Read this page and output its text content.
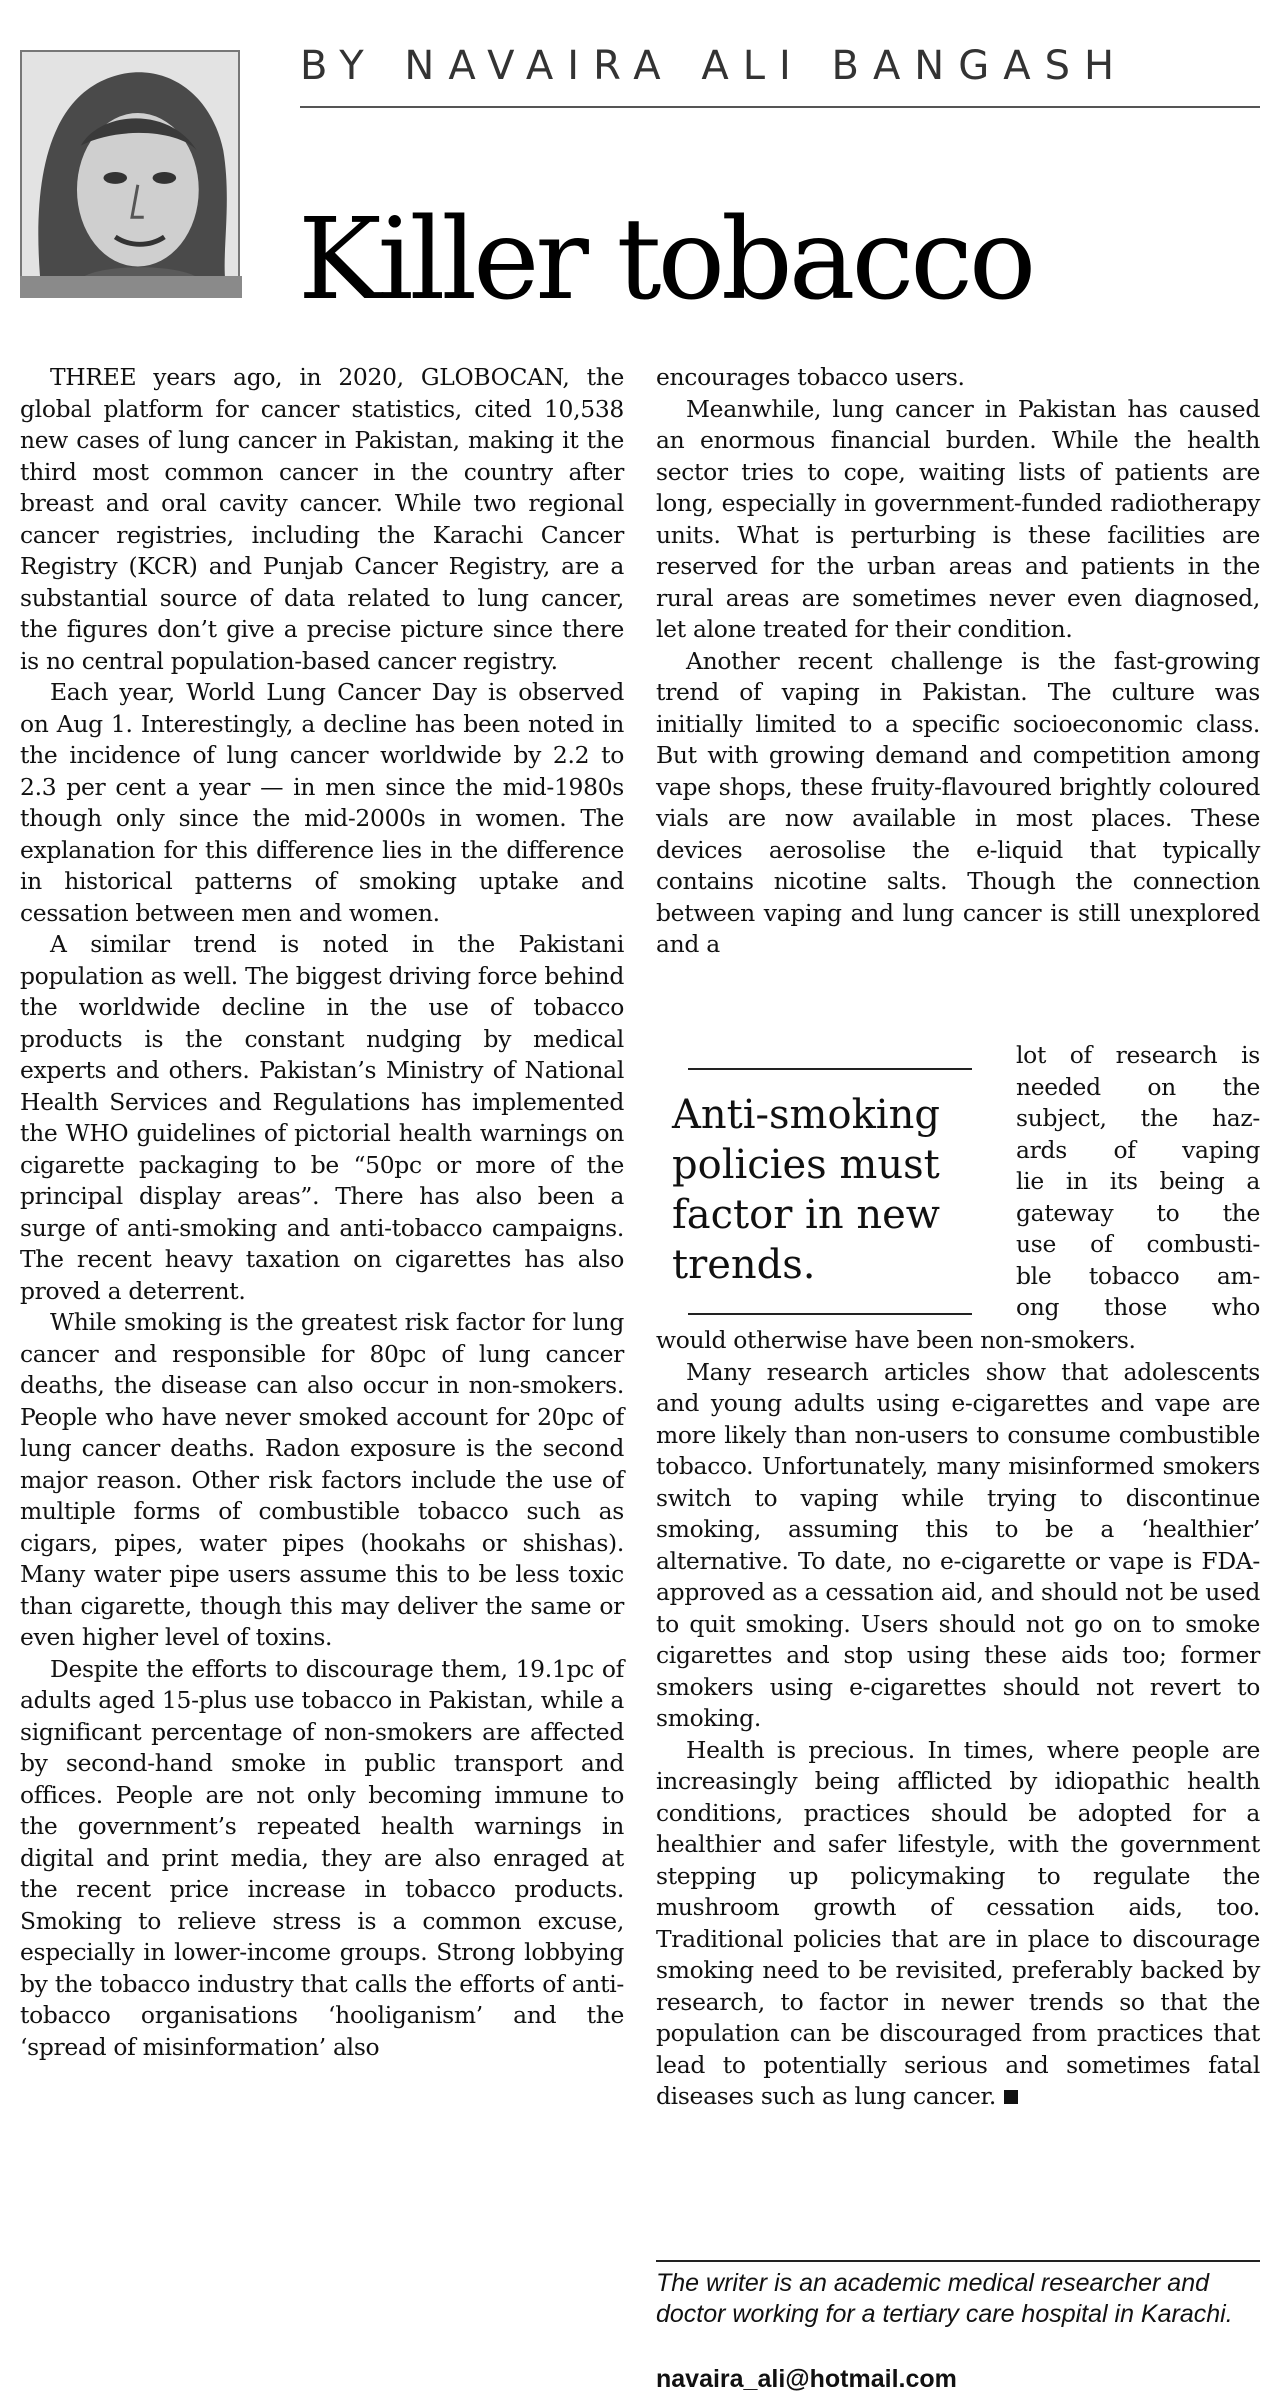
BY NAVAIRA ALI BANGASH
Killer tobacco

THREE years ago, in 2020, GLOBOCAN, the global platform for cancer statistics, cited 10,538 new cases of lung cancer in Pakistan, making it the third most common cancer in the country after breast and oral cavity cancer. While two regional cancer registries, including the Karachi Cancer Registry (KCR) and Punjab Cancer Registry, are a substantial source of data related to lung cancer, the figures don’t give a precise picture since there is no central population-based cancer registry.

Each year, World Lung Cancer Day is observed on Aug 1. Interestingly, a decline has been noted in the incidence of lung cancer worldwide by 2.2 to 2.3 per cent a year — in men since the mid-1980s though only since the mid-2000s in women. The explanation for this difference lies in the difference in historical patterns of smoking uptake and cessation between men and women.

A similar trend is noted in the Pakistani population as well. The biggest driving force behind the worldwide decline in the use of tobacco products is the constant nudging by medical experts and others. Pakistan’s Ministry of National Health Services and Regulations has implemented the WHO guidelines of pictorial health warnings on cigarette packaging to be “50pc or more of the principal display areas”. There has also been a surge of anti-smoking and anti-tobacco campaigns. The recent heavy taxation on cigarettes has also proved a deterrent.

While smoking is the greatest risk factor for lung cancer and responsible for 80pc of lung cancer deaths, the disease can also occur in non-smokers. People who have never smoked account for 20pc of lung cancer deaths. Radon exposure is the second major reason. Other risk factors include the use of multiple forms of combustible tobacco such as cigars, pipes, water pipes (hookahs or shishas). Many water pipe users assume this to be less toxic than cigarette, though this may deliver the same or even higher level of toxins.

Despite the efforts to discourage them, 19.1pc of adults aged 15-plus use tobacco in Pakistan, while a significant percentage of non-smokers are affected by second-hand smoke in public transport and offices. People are not only becoming immune to the government’s repeated health warnings in digital and print media, they are also enraged at the recent price increase in tobacco products. Smoking to relieve stress is a common excuse, especially in lower-income groups. Strong lobbying by the tobacco industry that calls the efforts of anti-tobacco organisations ‘hooliganism’ and the ‘spread of misinformation’ also

encourages tobacco users.

Meanwhile, lung cancer in Pakistan has caused an enormous financial burden. While the health sector tries to cope, waiting lists of patients are long, especially in government-funded radiotherapy units. What is perturbing is these facilities are reserved for the urban areas and patients in the rural areas are sometimes never even diagnosed, let alone treated for their condition.

Another recent challenge is the fast-growing trend of vaping in Pakistan. The culture was initially limited to a specific socioeconomic class. But with growing demand and competition among vape shops, these fruity-flavoured brightly coloured vials are now available in most places. These devices aerosolise the e-liquid that typically contains nicotine salts. Though the connection between vaping and lung cancer is still unexplored and a

Anti-smoking policies must factor in new trends.
lot of research is
needed on the
subject, the haz-
ards of vaping
lie in its being a
gateway to the
use of combusti-
ble tobacco am-
ong those who

would otherwise have been non-smokers.

Many research articles show that adolescents and young adults using e-cigarettes and vape are more likely than non-users to consume combustible tobacco. Unfortunately, many misinformed smokers switch to vaping while trying to discontinue smoking, assuming this to be a ‘healthier’ alternative. To date, no e-cigarette or vape is FDA-approved as a cessation aid, and should not be used to quit smoking. Users should not go on to smoke cigarettes and stop using these aids too; former smokers using e-cigarettes should not revert to smoking.

Health is precious. In times, where people are increasingly being afflicted by idiopathic health conditions, practices should be adopted for a healthier and safer lifestyle, with the government stepping up policymaking to regulate the mushroom growth of cessation aids, too. Traditional policies that are in place to discourage smoking need to be revisited, preferably backed by research, to factor in newer trends so that the population can be discouraged from practices that lead to potentially serious and sometimes fatal diseases such as lung cancer.

The writer is an academic medical researcher and doctor working for a tertiary care hospital in Karachi.

navaira_ali@hotmail.com
